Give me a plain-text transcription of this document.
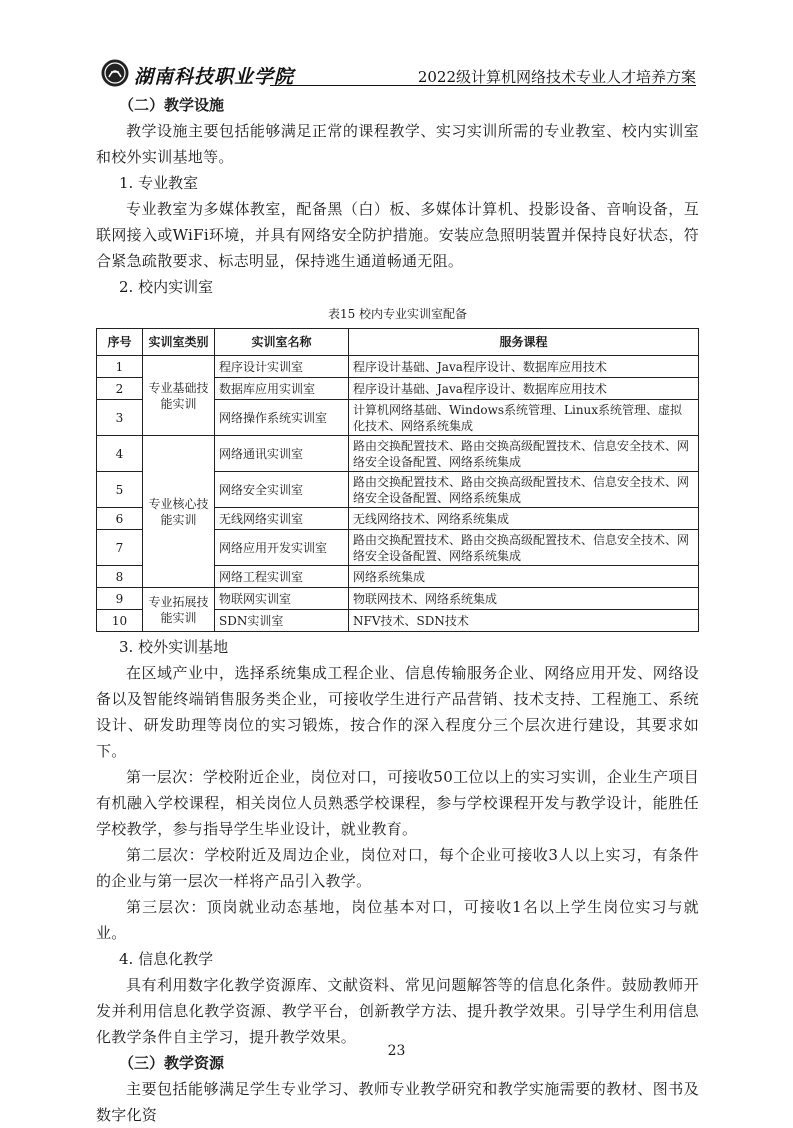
湖南科技职业学院	2022级计算机网络技术专业人才培养方案

（二）教学设施

教学设施主要包括能够满足正常的课程教学、实习实训所需的专业教室、校内实训室和校外实训基地等。

1. 专业教室

专业教室为多媒体教室，配备黑（白）板、多媒体计算机、投影设备、音响设备，互联网接入或WiFi环境，并具有网络安全防护措施。安装应急照明装置并保持良好状态，符合紧急疏散要求、标志明显，保持逃生通道畅通无阻。

2. 校内实训室

表15 校内专业实训室配备
序号	实训室类别	实训室名称	服务课程
1	专业基础技能实训	程序设计实训室	程序设计基础、Java程序设计、数据库应用技术
2		数据库应用实训室	程序设计基础、Java程序设计、数据库应用技术
3		网络操作系统实训室	计算机网络基础、Windows系统管理、Linux系统管理、虚拟化技术、网络系统集成
4	专业核心技能实训	网络通讯实训室	路由交换配置技术、路由交换高级配置技术、信息安全技术、网络安全设备配置、网络系统集成
5		网络安全实训室	路由交换配置技术、路由交换高级配置技术、信息安全技术、网络安全设备配置、网络系统集成
6		无线网络实训室	无线网络技术、网络系统集成
7		网络应用开发实训室	路由交换配置技术、路由交换高级配置技术、信息安全技术、网络安全设备配置、网络系统集成
8		网络工程实训室	网络系统集成
9	专业拓展技能实训	物联网实训室	物联网技术、网络系统集成
10		SDN实训室	NFV技术、SDN技术

3. 校外实训基地

在区域产业中，选择系统集成工程企业、信息传输服务企业、网络应用开发、网络设备以及智能终端销售服务类企业，可接收学生进行产品营销、技术支持、工程施工、系统设计、研发助理等岗位的实习锻炼，按合作的深入程度分三个层次进行建设，其要求如下。

第一层次：学校附近企业，岗位对口，可接收50工位以上的实习实训，企业生产项目有机融入学校课程，相关岗位人员熟悉学校课程，参与学校课程开发与教学设计，能胜任学校教学，参与指导学生毕业设计，就业教育。

第二层次：学校附近及周边企业，岗位对口，每个企业可接收3人以上实习，有条件的企业与第一层次一样将产品引入教学。

第三层次：顶岗就业动态基地，岗位基本对口，可接收1名以上学生岗位实习与就业。

4. 信息化教学

具有利用数字化教学资源库、文献资料、常见问题解答等的信息化条件。鼓励教师开发并利用信息化教学资源、教学平台，创新教学方法、提升教学效果。引导学生利用信息化教学条件自主学习，提升教学效果。

（三）教学资源

主要包括能够满足学生专业学习、教师专业教学研究和教学实施需要的教材、图书及数字化资

23
